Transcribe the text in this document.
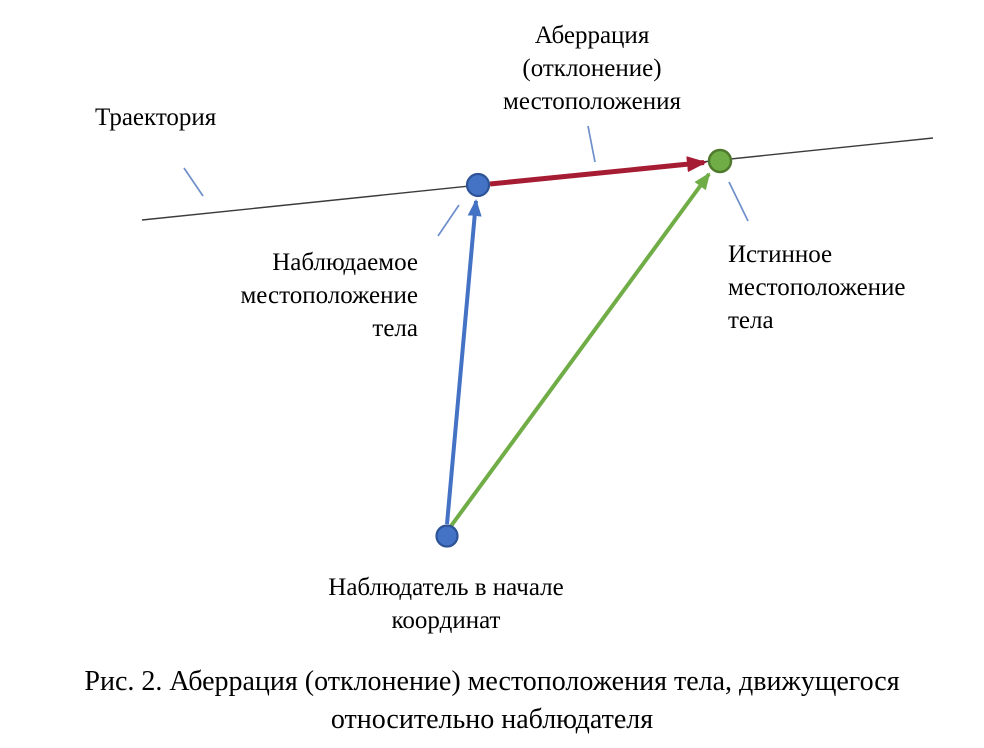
Траектория
Аберрация
(отклонение)
местоположения
Наблюдаемое
местоположение
тела
Истинное
местоположение
тела
Наблюдатель в начале
координат
Рис. 2. Аберрация (отклонение) местоположения тела, движущегося
относительно наблюдателя
